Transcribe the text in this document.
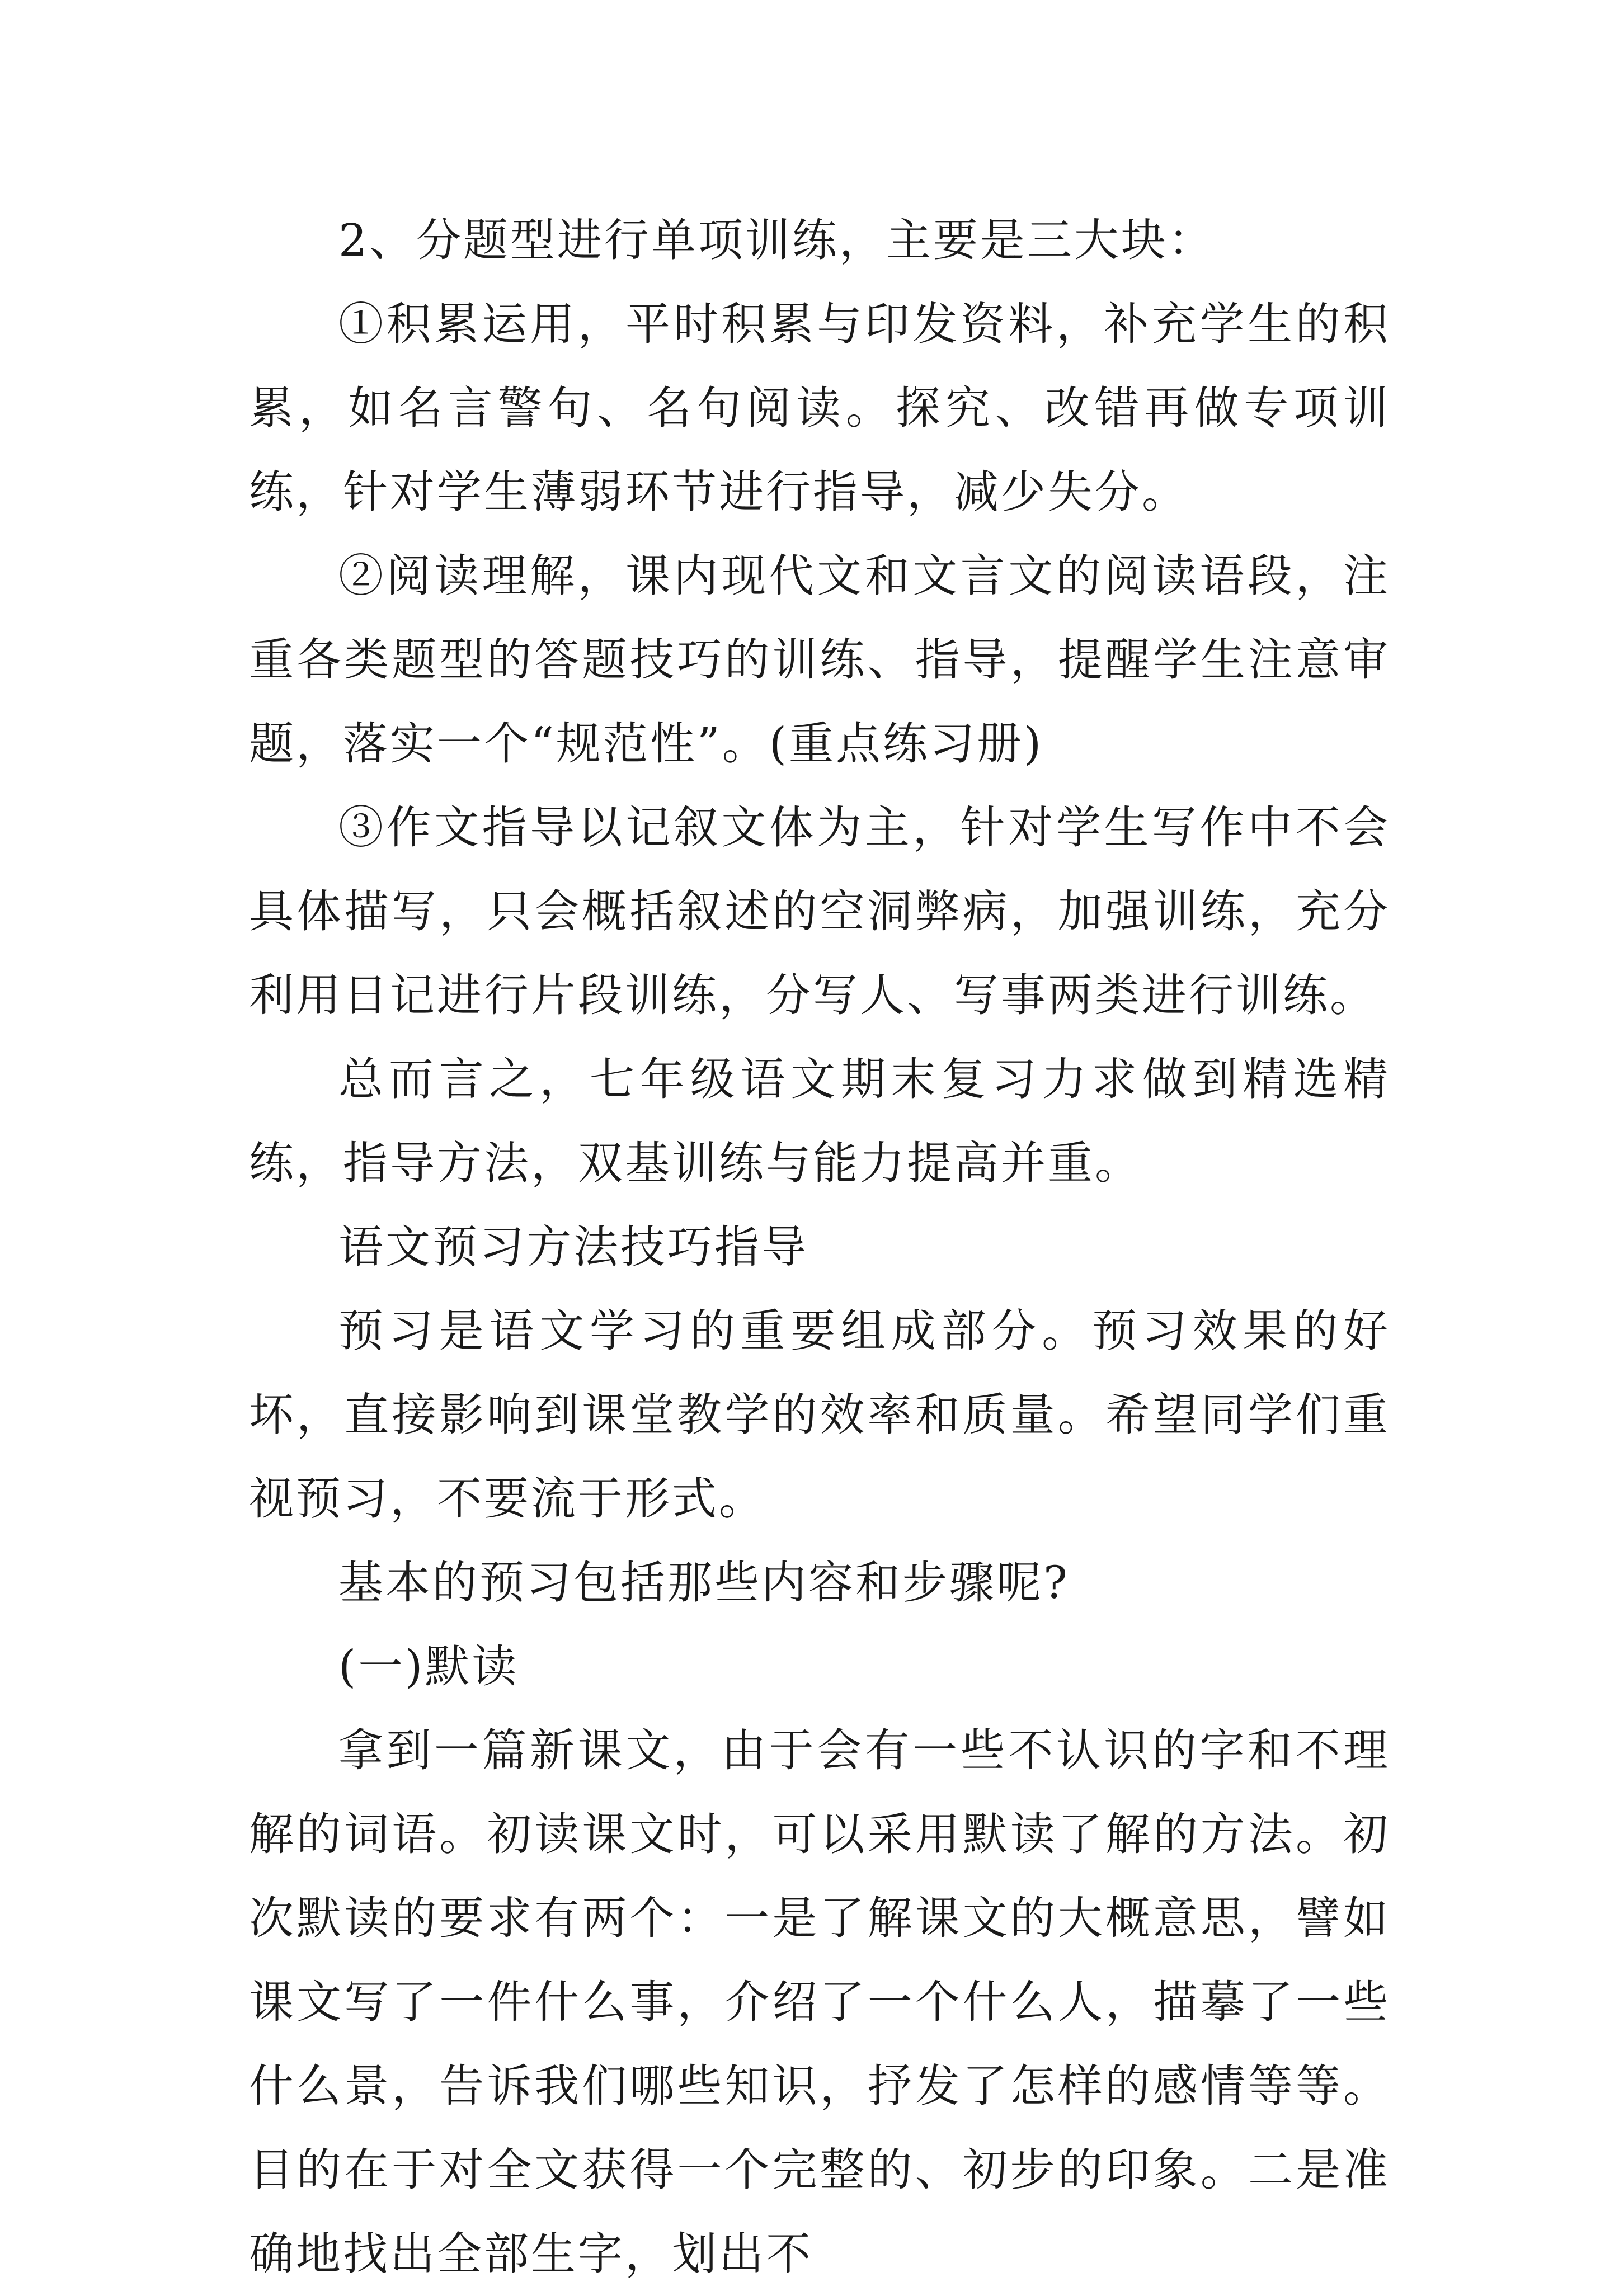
2、分题型进行单项训练，主要是三大块：

①积累运用，平时积累与印发资料，补充学生的积累，如名言警句、名句阅读。探究、改错再做专项训练，针对学生薄弱环节进行指导，减少失分。

②阅读理解，课内现代文和文言文的阅读语段，注重各类题型的答题技巧的训练、指导，提醒学生注意审题，落实一个“规范性”。(重点练习册)

③作文指导以记叙文体为主，针对学生写作中不会具体描写，只会概括叙述的空洞弊病，加强训练，充分利用日记进行片段训练，分写人、写事两类进行训练。

总而言之，七年级语文期末复习力求做到精选精练，指导方法，双基训练与能力提高并重。

语文预习方法技巧指导

预习是语文学习的重要组成部分。预习效果的好坏，直接影响到课堂教学的效率和质量。希望同学们重视预习，不要流于形式。

基本的预习包括那些内容和步骤呢?

(一)默读

拿到一篇新课文，由于会有一些不认识的字和不理解的词语。初读课文时，可以采用默读了解的方法。初次默读的要求有两个：一是了解课文的大概意思，譬如课文写了一件什么事，介绍了一个什么人，描摹了一些什么景，告诉我们哪些知识，抒发了怎样的感情等等。目的在于对全文获得一个完整的、初步的印象。二是准确地找出全部生字，划出不
